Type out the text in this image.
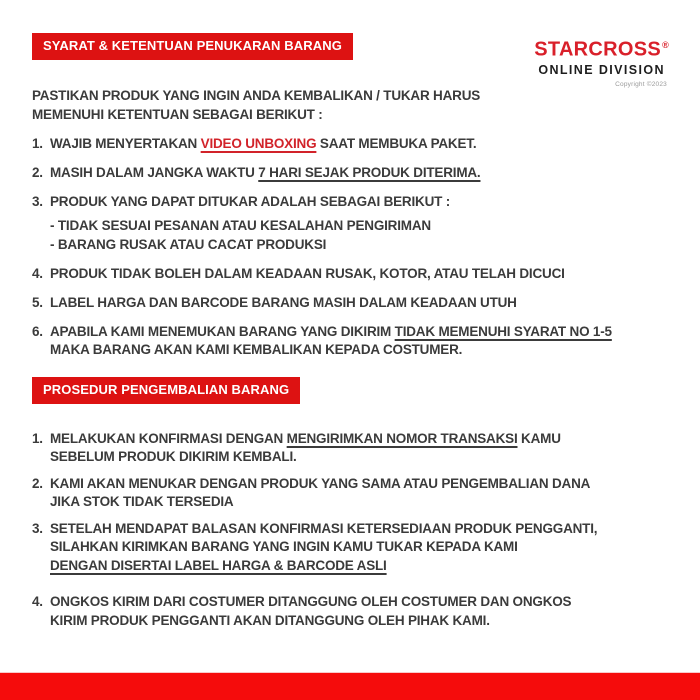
STARCROSS®
ONLINE DIVISION
Copyright ©2023
SYARAT & KETENTUAN PENUKARAN BARANG
PASTIKAN PRODUK YANG INGIN ANDA KEMBALIKAN / TUKAR HARUS
MEMENUHI KETENTUAN SEBAGAI BERIKUT :
1. WAJIB MENYERTAKAN VIDEO UNBOXING SAAT MEMBUKA PAKET.
2. MASIH DALAM JANGKA WAKTU 7 HARI SEJAK PRODUK DITERIMA.
3. PRODUK YANG DAPAT DITUKAR ADALAH SEBAGAI BERIKUT :
- TIDAK SESUAI PESANAN ATAU KESALAHAN PENGIRIMAN
- BARANG RUSAK ATAU CACAT PRODUKSI
4. PRODUK TIDAK BOLEH DALAM KEADAAN RUSAK, KOTOR, ATAU TELAH DICUCI
5. LABEL HARGA DAN BARCODE BARANG MASIH DALAM KEADAAN UTUH
6. APABILA KAMI MENEMUKAN BARANG YANG DIKIRIM TIDAK MEMENUHI SYARAT NO 1-5
MAKA BARANG AKAN KAMI KEMBALIKAN KEPADA COSTUMER.
PROSEDUR PENGEMBALIAN BARANG
1. MELAKUKAN KONFIRMASI DENGAN MENGIRIMKAN NOMOR TRANSAKSI KAMU
SEBELUM PRODUK DIKIRIM KEMBALI.
2. KAMI AKAN MENUKAR DENGAN PRODUK YANG SAMA ATAU PENGEMBALIAN DANA
JIKA STOK TIDAK TERSEDIA
3. SETELAH MENDAPAT BALASAN KONFIRMASI KETERSEDIAAN PRODUK PENGGANTI,
SILAHKAN KIRIMKAN BARANG YANG INGIN KAMU TUKAR KEPADA KAMI
DENGAN DISERTAI LABEL HARGA & BARCODE ASLI
4. ONGKOS KIRIM DARI COSTUMER DITANGGUNG OLEH COSTUMER DAN ONGKOS
KIRIM PRODUK PENGGANTI AKAN DITANGGUNG OLEH PIHAK KAMI.
